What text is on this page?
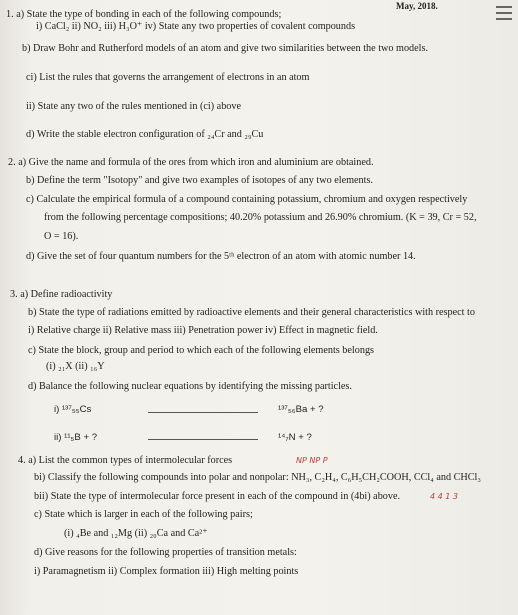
May, 2018.
1. a) State the type of bonding in each of the following compounds;
i) CaCl₂ ii) NO₂ iii) H₃O⁺ iv) State any two properties of covalent compounds
b) Draw Bohr and Rutherford models of an atom and give two similarities between the two models.
ci) List the rules that governs the arrangement of electrons in an atom
ii) State any two of the rules mentioned in (ci) above
d) Write the stable electron configuration of ₂₄Cr and ₂₉Cu
2. a) Give the name and formula of the ores from which iron and aluminium are obtained.
b) Define the term "Isotopy" and give two examples of isotopes of any two elements.
c) Calculate the empirical formula of a compound containing potassium, chromium and oxygen respectively
from the following percentage compositions; 40.20% potassium and 26.90% chromium. (K = 39, Cr = 52,
O = 16).
d) Give the set of four quantum numbers for the 5ᵗʰ electron of an atom with atomic number 14.
3. a) Define radioactivity
b) State the type of radiations emitted by radioactive elements and their general characteristics with respect to
i) Relative charge ii) Relative mass iii) Penetration power iv) Effect in magnetic field.
c) State the block, group and period to which each of the following elements belongs
(i) ₂₁X (ii) ₁₆Y
d) Balance the following nuclear equations by identifying the missing particles.
i) ¹³⁷₅₅Cs	¹³⁷₅₆Ba + ?
ii) ¹¹₅B + ?	¹⁴₇N + ?
4. a) List the common types of intermolecular forces	NP NP P
bi) Classify the following compounds into polar and nonpolar: NH₃, C₂H₄, C₆H₅CH₂COOH, CCl₄ and CHCl₃
bii) State the type of intermolecular force present in each of the compound in (4bi) above.	4 4 1 3
c) State which is larger in each of the following pairs;
(i) ₄Be and ₁₂Mg (ii) ₂₀Ca and Ca²⁺
d) Give reasons for the following properties of transition metals:
i) Paramagnetism ii) Complex formation iii) High melting points
